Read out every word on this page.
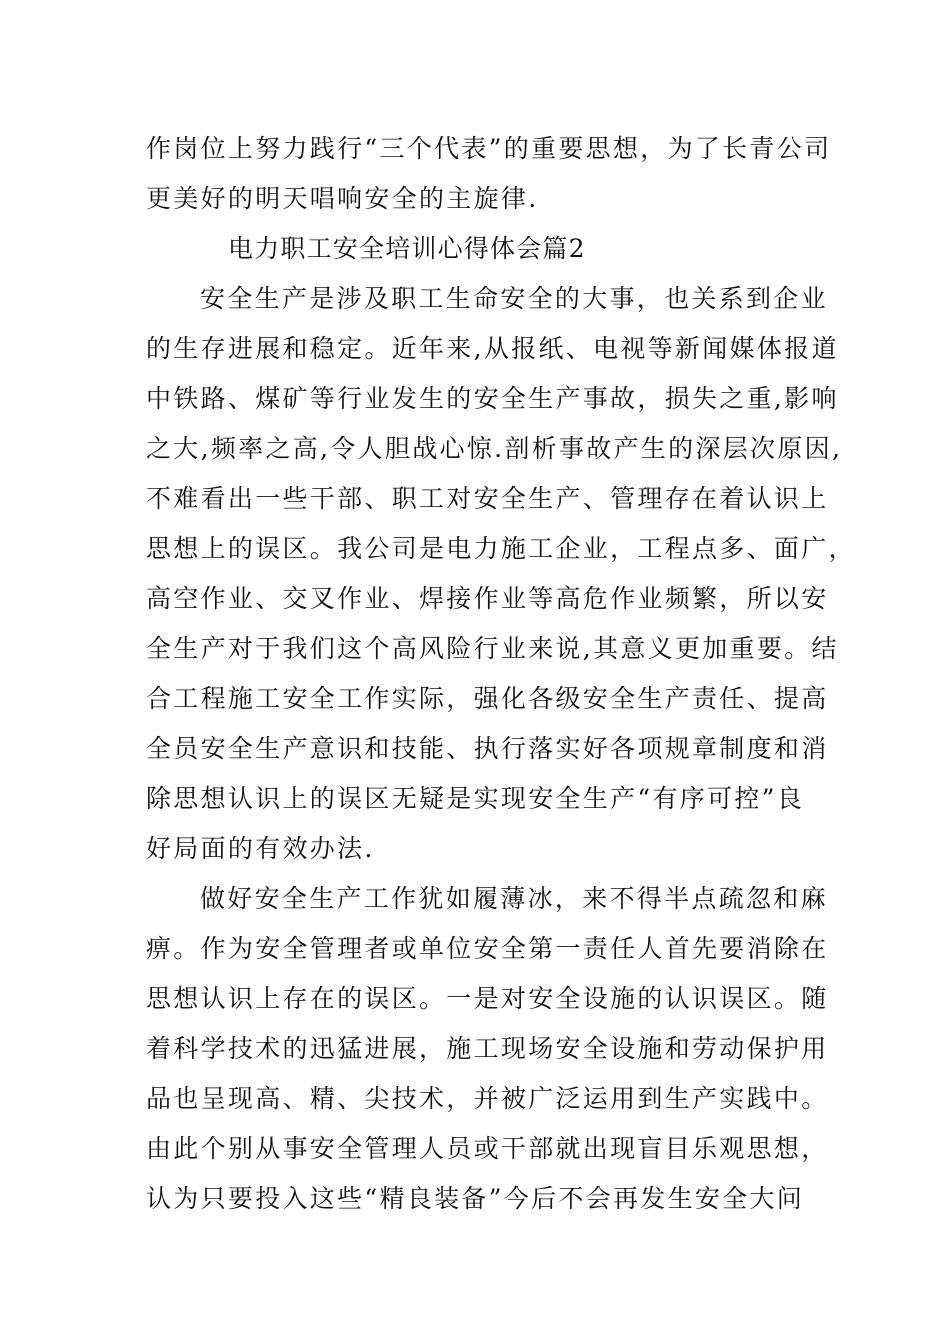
作岗位上努力践行“三个代表”的重要思想，为了长青公司
更美好的明天唱响安全的主旋律.
电力职工安全培训心得体会篇2
安全生产是涉及职工生命安全的大事，也关系到企业
的生存进展和稳定。近年来,从报纸、电视等新闻媒体报道
中铁路、煤矿等行业发生的安全生产事故，损失之重,影响
之大,频率之高,令人胆战心惊.剖析事故产生的深层次原因,
不难看出一些干部、职工对安全生产、管理存在着认识上
思想上的误区。我公司是电力施工企业，工程点多、面广，
高空作业、交叉作业、焊接作业等高危作业频繁，所以安
全生产对于我们这个高风险行业来说,其意义更加重要。结
合工程施工安全工作实际，强化各级安全生产责任、提高
全员安全生产意识和技能、执行落实好各项规章制度和消
除思想认识上的误区无疑是实现安全生产“有序可控”良
好局面的有效办法.
做好安全生产工作犹如履薄冰，来不得半点疏忽和麻
痹。作为安全管理者或单位安全第一责任人首先要消除在
思想认识上存在的误区。一是对安全设施的认识误区。随
着科学技术的迅猛进展，施工现场安全设施和劳动保护用
品也呈现高、精、尖技术，并被广泛运用到生产实践中。
由此个别从事安全管理人员或干部就出现盲目乐观思想，
认为只要投入这些“精良装备”今后不会再发生安全大问
